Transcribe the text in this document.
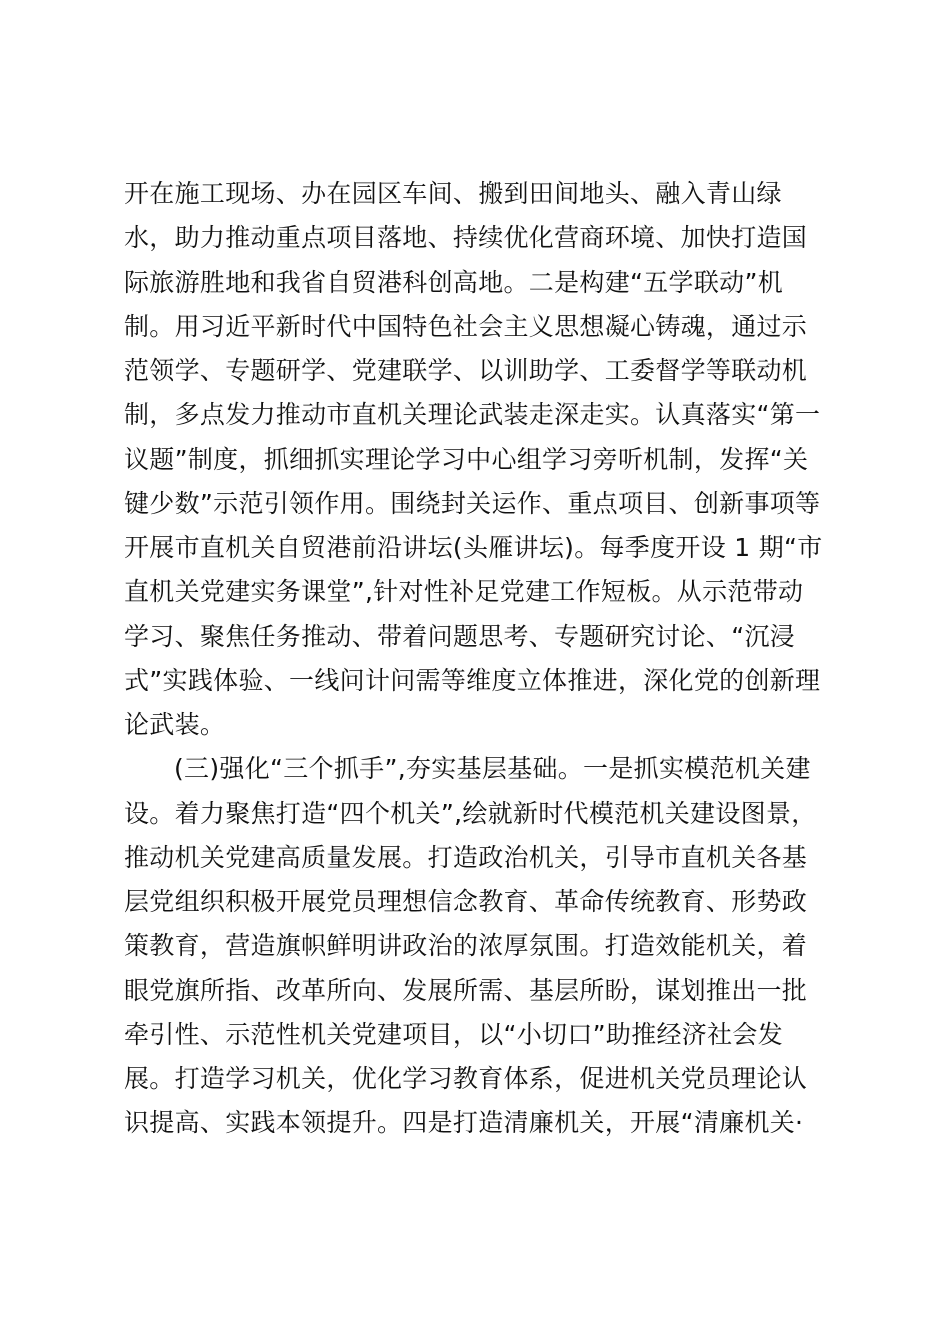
开在施工现场、办在园区车间、搬到田间地头、融入青山绿
水，助力推动重点项目落地、持续优化营商环境、加快打造国
际旅游胜地和我省自贸港科创高地。二是构建“五学联动”机
制。用习近平新时代中国特色社会主义思想凝心铸魂，通过示
范领学、专题研学、党建联学、以训助学、工委督学等联动机
制，多点发力推动市直机关理论武装走深走实。认真落实“第一
议题”制度，抓细抓实理论学习中心组学习旁听机制，发挥“关
键少数”示范引领作用。围绕封关运作、重点项目、创新事项等
开展市直机关自贸港前沿讲坛(头雁讲坛)。每季度开设 1 期“市
直机关党建实务课堂”,针对性补足党建工作短板。从示范带动
学习、聚焦任务推动、带着问题思考、专题研究讨论、“沉浸
式”实践体验、一线问计问需等维度立体推进，深化党的创新理
论武装。
(三)强化“三个抓手”,夯实基层基础。一是抓实模范机关建
设。着力聚焦打造“四个机关”,绘就新时代模范机关建设图景，
推动机关党建高质量发展。打造政治机关，引导市直机关各基
层党组织积极开展党员理想信念教育、革命传统教育、形势政
策教育，营造旗帜鲜明讲政治的浓厚氛围。打造效能机关，着
眼党旗所指、改革所向、发展所需、基层所盼，谋划推出一批
牵引性、示范性机关党建项目，以“小切口”助推经济社会发
展。打造学习机关，优化学习教育体系，促进机关党员理论认
识提高、实践本领提升。四是打造清廉机关，开展“清廉机关·
